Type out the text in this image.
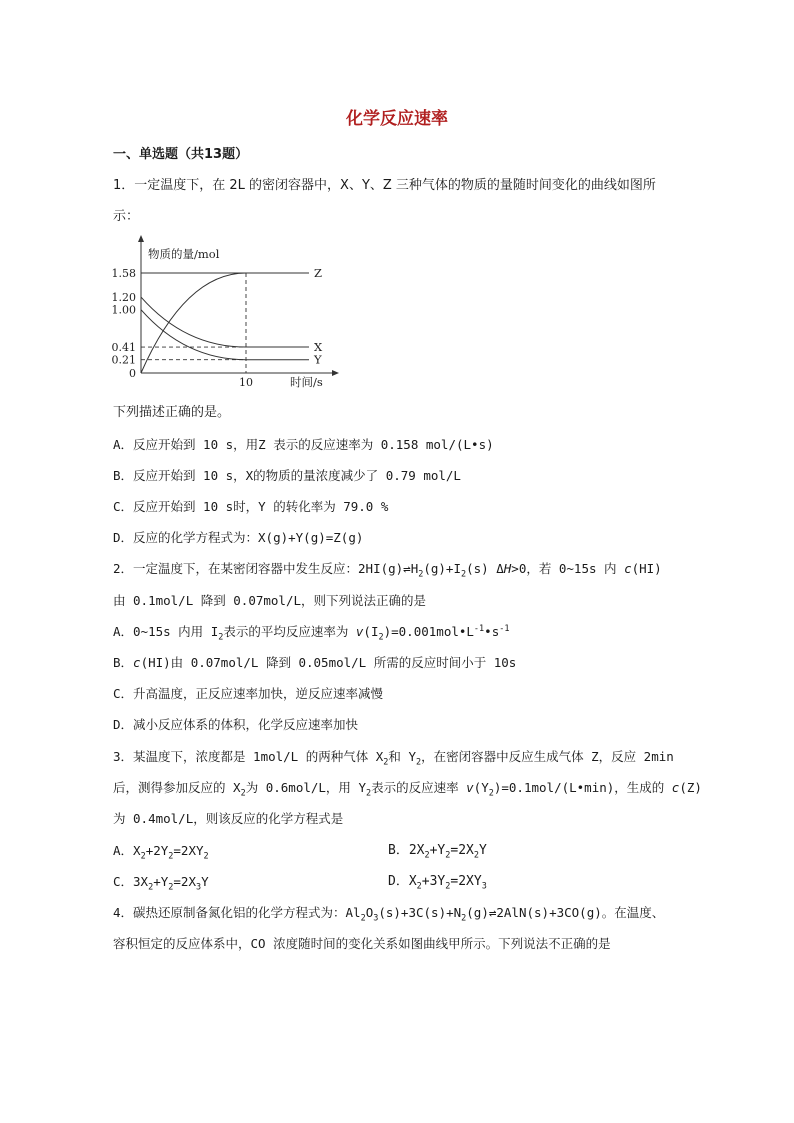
化学反应速率
一、单选题（共13题）
1．一定温度下，在 2L 的密闭容器中，X、Y、Z 三种气体的物质的量随时间变化的曲线如图所
示：
物质的量/mol
时间/s
1.58
1.20
1.00
0.41
0.21
0
10
Z
X
Y
下列描述正确的是。
A．反应开始到 10 s，用Z 表示的反应速率为 0.158 mol/(L•s)
B．反应开始到 10 s，X的物质的量浓度减少了 0.79 mol/L
C．反应开始到 10 s时，Y 的转化率为 79.0 %
D．反应的化学方程式为：X(g)+Y(g)=Z(g)
2．一定温度下，在某密闭容器中发生反应：$2HI(g)\rightleftharpoons H_2(g)+I_2(s)$ ΔH>0，若 0~15s 内 c(HI)
由 0.1mol/L 降到 0.07mol/L，则下列说法正确的是
A．0~15s 内用 $I_2$表示的平均反应速率为 $v(I_2)=0.001mol•L^{-1}•s^{-1}$
B．c(HI)由 0.07mol/L 降到 0.05mol/L 所需的反应时间小于 10s
C．升高温度，正反应速率加快，逆反应速率减慢
D．减小反应体系的体积，化学反应速率加快
3．某温度下，浓度都是 1mol/L 的两种气体 $X_2$和 $Y_2$，在密闭容器中反应生成气体 Z，反应 2min
后，测得参加反应的 $X_2$为 0.6mol/L，用 $Y_2$表示的反应速率 $v(Y_2)=0.1mol/(L•\min)$，生成的 c(Z)
为 0.4mol/L，则该反应的化学方程式是
A．$X_2+2Y_2=2XY_2$	B．$2X_2+Y_2=2X_2Y$
C．$3X_2+Y_2=2X_3Y$	D．$X_2+3Y_2=2XY_3$
4．碳热还原制备氮化铝的化学方程式为：$Al_2O_3(s)+3C(s)+N_2(g)\rightleftharpoons 2AlN(s)+3CO(g)$。在温度、
容积恒定的反应体系中，CO 浓度随时间的变化关系如图曲线甲所示。下列说法不正确的是
